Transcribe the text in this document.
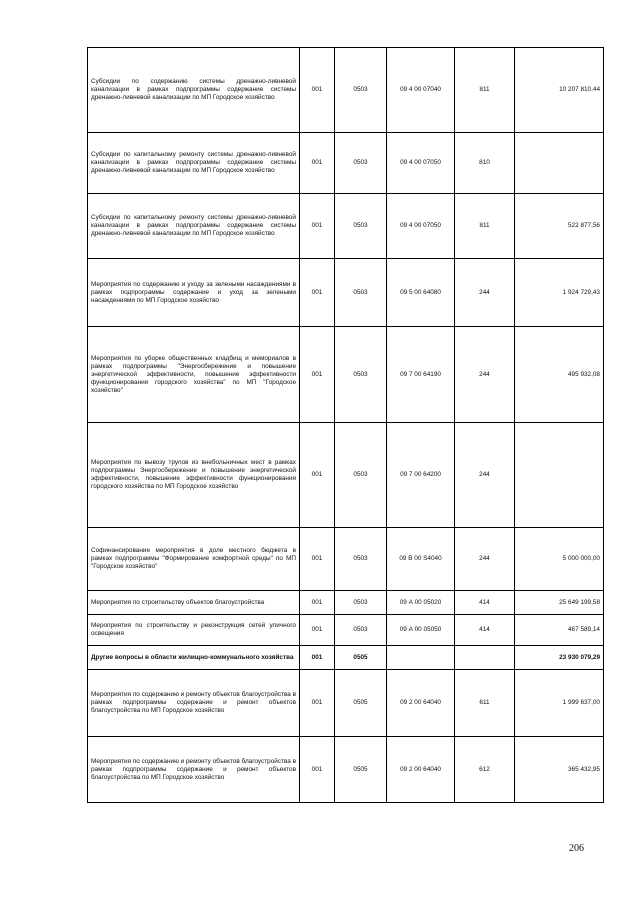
Субсидии по содержанию системы дренажно-ливневой канализации в рамках подпрограммы содержание системы дренажно-ливневой канализации по МП Городское хозяйство	001	0503	09 4 00 07040	811	10 207 810,44
Субсидии по капитальному ремонту системы дренажно-ливневой канализации в рамках подпрограммы содержание системы дренажно-ливневой канализации по МП Городское хозяйство	001	0503	09 4 00 07050	810	
Субсидии по капитальному ремонту системы дренажно-ливневой канализации в рамках подпрограммы содержание системы дренажно-ливневой канализации по МП Городское хозяйство	001	0503	09 4 00 07050	811	522 877,56
Мероприятия по содержанию и уходу за зелеными насаждениями в рамках подпрограммы содержание и уход за зелеными насаждениями по МП Городское хозяйство	001	0503	09 5 00 64080	244	1 924 729,43
Мероприятия по уборке общественных кладбищ и мемориалов в рамках подпрограммы "Энергосбережение и повышение энергетической эффективности, повышение эффективности функционирования городского хозяйства" по МП "Городское хозяйство"	001	0503	09 7 00 64190	244	495 932,08
Мероприятия по вывозу трупов из внебольничных мест в рамках подпрограммы Энергосбережение и повышение энергетической эффективности, повышение эффективности функционирования городского хозяйства по МП Городское хозяйство	001	0503	09 7 00 64200	244	
Софинансирование мероприятия в доле местного бюджета в рамках подпрограммы "Формирование комфортной среды" по МП "Городское хозяйство"	001	0503	09 В 00 S4040	244	5 000 000,00
Мероприятия по строительству объектов благоустройства	001	0503	09 А 00 05020	414	25 649 199,58
Мероприятия по строительству и реконструкция сетей уличного освещения	001	0503	09 А 00 05050	414	467 589,14
Другие вопросы в области жилищно-коммунального хозяйства	001	0505			23 930 079,29
Мероприятия по содержанию и ремонту объектов благоустройства в рамках подпрограммы содержание и ремонт объектов благоустройства по МП Городское хозяйство	001	0505	09 2 00 64040	611	1 999 637,00
Мероприятия по содержанию и ремонту объектов благоустройства в рамках подпрограммы содержание и ремонт объектов благоустройства по МП Городское хозяйство	001	0505	09 2 00 64040	612	365 432,95
206
